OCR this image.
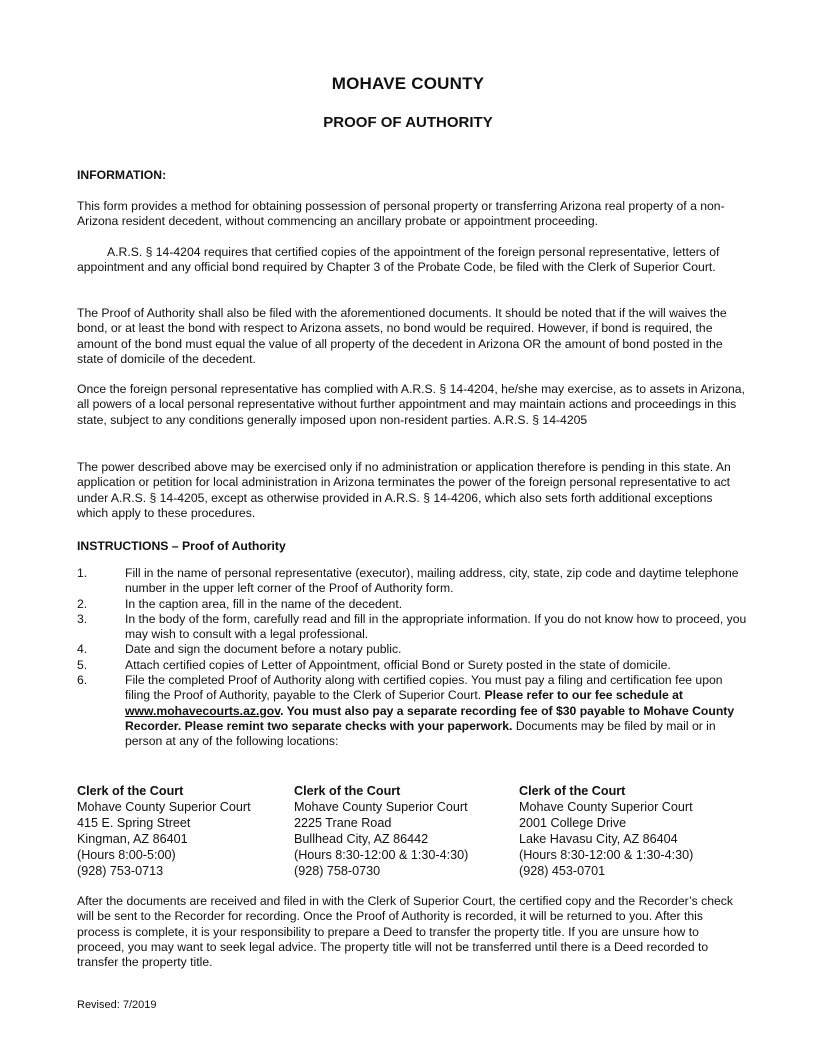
MOHAVE COUNTY
PROOF OF AUTHORITY

INFORMATION:

This form provides a method for obtaining possession of personal property or transferring Arizona real property of a non-Arizona resident decedent, without commencing an ancillary probate or appointment proceeding.

A.R.S. § 14-4204 requires that certified copies of the appointment of the foreign personal representative, letters of appointment and any official bond required by Chapter 3 of the Probate Code, be filed with the Clerk of Superior Court.

The Proof of Authority shall also be filed with the aforementioned documents. It should be noted that if the will waives the bond, or at least the bond with respect to Arizona assets, no bond would be required. However, if bond is required, the amount of the bond must equal the value of all property of the decedent in Arizona OR the amount of bond posted in the state of domicile of the decedent.

Once the foreign personal representative has complied with A.R.S. § 14-4204, he/she may exercise, as to assets in Arizona, all powers of a local personal representative without further appointment and may maintain actions and proceedings in this state, subject to any conditions generally imposed upon non-resident parties. A.R.S. § 14-4205

The power described above may be exercised only if no administration or application therefore is pending in this state. An application or petition for local administration in Arizona terminates the power of the foreign personal representative to act under A.R.S. § 14-4205, except as otherwise provided in A.R.S. § 14-4206, which also sets forth additional exceptions which apply to these procedures.

INSTRUCTIONS – Proof of Authority

1.	Fill in the name of personal representative (executor), mailing address, city, state, zip code and daytime telephone number in the upper left corner of the Proof of Authority form.
2.	In the caption area, fill in the name of the decedent.
3.	In the body of the form, carefully read and fill in the appropriate information. If you do not know how to proceed, you may wish to consult with a legal professional.
4.	Date and sign the document before a notary public.
5.	Attach certified copies of Letter of Appointment, official Bond or Surety posted in the state of domicile.
6.	File the completed Proof of Authority along with certified copies. You must pay a filing and certification fee upon filing the Proof of Authority, payable to the Clerk of Superior Court. Please refer to our fee schedule at www.mohavecourts.az.gov. You must also pay a separate recording fee of $30 payable to Mohave County Recorder. Please remint two separate checks with your paperwork. Documents may be filed by mail or in person at any of the following locations:
Clerk of the Court
Mohave County Superior Court
415 E. Spring Street
Kingman, AZ 86401
(Hours 8:00-5:00)
(928) 753-0713
Clerk of the Court
Mohave County Superior Court
2225 Trane Road
Bullhead City, AZ 86442
(Hours 8:30-12:00 & 1:30-4:30)
(928) 758-0730
Clerk of the Court
Mohave County Superior Court
2001 College Drive
Lake Havasu City, AZ 86404
(Hours 8:30-12:00 & 1:30-4:30)
(928) 453-0701

After the documents are received and filed in with the Clerk of Superior Court, the certified copy and the Recorder’s check will be sent to the Recorder for recording. Once the Proof of Authority is recorded, it will be returned to you. After this process is complete, it is your responsibility to prepare a Deed to transfer the property title. If you are unsure how to proceed, you may want to seek legal advice. The property title will not be transferred until there is a Deed recorded to transfer the property title.

Revised: 7/2019
